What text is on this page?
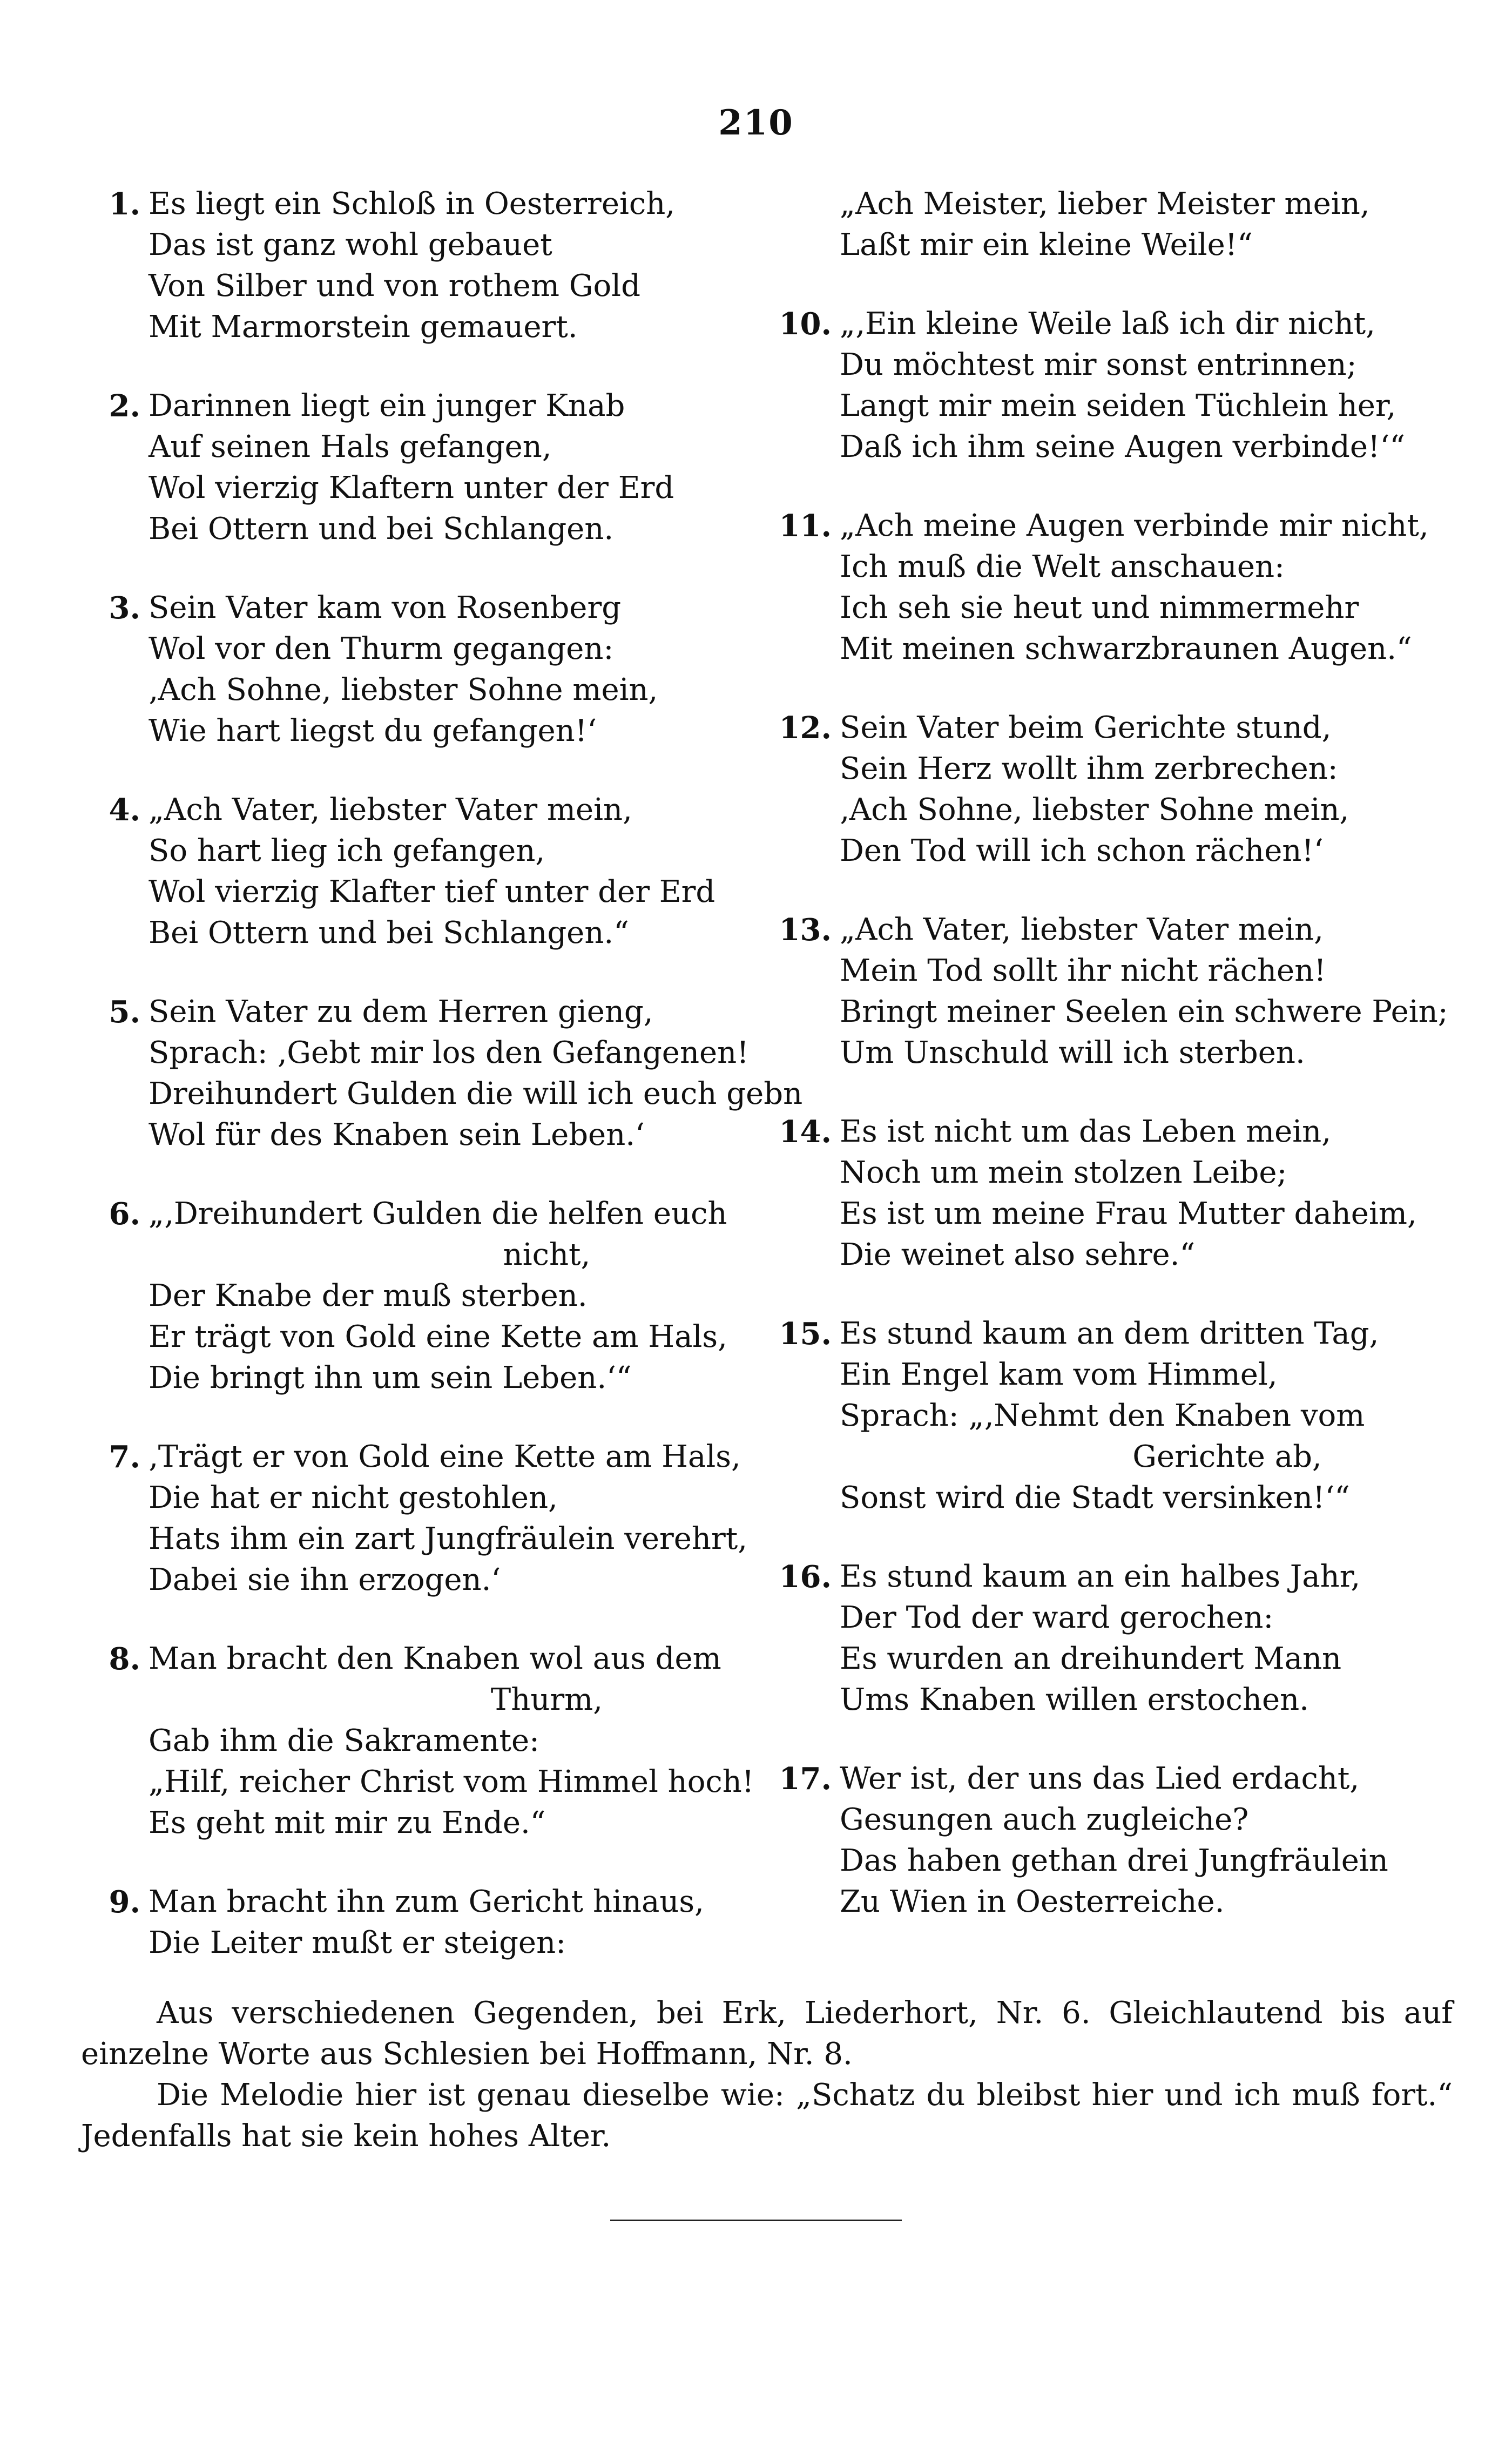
210
1. Es liegt ein Schloß in Oesterreich,
Das ist ganz wohl gebauet
Von Silber und von rothem Gold
Mit Marmorstein gemauert.
2. Darinnen liegt ein junger Knab
Auf seinen Hals gefangen,
Wol vierzig Klaftern unter der Erd
Bei Ottern und bei Schlangen.
3. Sein Vater kam von Rosenberg
Wol vor den Thurm gegangen:
‚Ach Sohne, liebster Sohne mein,
Wie hart liegst du gefangen!‘
4. „Ach Vater, liebster Vater mein,
So hart lieg ich gefangen,
Wol vierzig Klafter tief unter der Erd
Bei Ottern und bei Schlangen.“
5. Sein Vater zu dem Herren gieng,
Sprach: ‚Gebt mir los den Gefangenen!
Dreihundert Gulden die will ich euch gebn
Wol für des Knaben sein Leben.‘
6. „‚Dreihundert Gulden die helfen euch
nicht,
Der Knabe der muß sterben.
Er trägt von Gold eine Kette am Hals,
Die bringt ihn um sein Leben.‘“
7. ‚Trägt er von Gold eine Kette am Hals,
Die hat er nicht gestohlen,
Hats ihm ein zart Jungfräulein verehrt,
Dabei sie ihn erzogen.‘
8. Man bracht den Knaben wol aus dem
Thurm,
Gab ihm die Sakramente:
„Hilf, reicher Christ vom Himmel hoch!
Es geht mit mir zu Ende.“
9. Man bracht ihn zum Gericht hinaus,
Die Leiter mußt er steigen:
„Ach Meister, lieber Meister mein,
Laßt mir ein kleine Weile!“
10. „‚Ein kleine Weile laß ich dir nicht,
Du möchtest mir sonst entrinnen;
Langt mir mein seiden Tüchlein her,
Daß ich ihm seine Augen verbinde!‘“
11. „Ach meine Augen verbinde mir nicht,
Ich muß die Welt anschauen:
Ich seh sie heut und nimmermehr
Mit meinen schwarzbraunen Augen.“
12. Sein Vater beim Gerichte stund,
Sein Herz wollt ihm zerbrechen:
‚Ach Sohne, liebster Sohne mein,
Den Tod will ich schon rächen!‘
13. „Ach Vater, liebster Vater mein,
Mein Tod sollt ihr nicht rächen!
Bringt meiner Seelen ein schwere Pein;
Um Unschuld will ich sterben.
14. Es ist nicht um das Leben mein,
Noch um mein stolzen Leibe;
Es ist um meine Frau Mutter daheim,
Die weinet also sehre.“
15. Es stund kaum an dem dritten Tag,
Ein Engel kam vom Himmel,
Sprach: „‚Nehmt den Knaben vom
Gerichte ab,
Sonst wird die Stadt versinken!‘“
16. Es stund kaum an ein halbes Jahr,
Der Tod der ward gerochen:
Es wurden an dreihundert Mann
Ums Knaben willen erstochen.
17. Wer ist, der uns das Lied erdacht,
Gesungen auch zugleiche?
Das haben gethan drei Jungfräulein
Zu Wien in Oesterreiche.

Aus verschiedenen Gegenden, bei Erk, Liederhort, Nr. 6. Gleichlautend bis auf einzelne Worte aus Schlesien bei Hoffmann, Nr. 8.

Die Melodie hier ist genau dieselbe wie: „Schatz du bleibst hier und ich muß fort.“ Jedenfalls hat sie kein hohes Alter.
